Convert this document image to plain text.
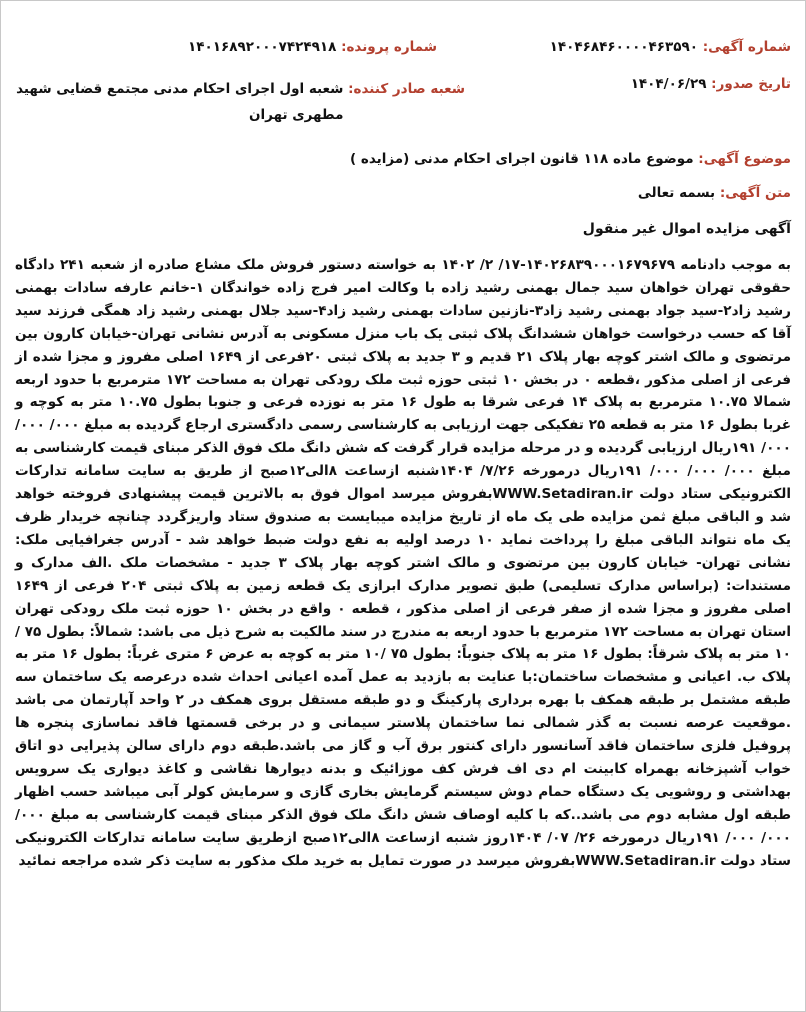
شماره آگهی: ۱۴۰۴۶۸۴۶۰۰۰۰۴۶۳۵۹۰
شماره پرونده: ۱۴۰۱۶۸۹۲۰۰۰۷۴۲۴۹۱۸
تاریخ صدور: ۱۴۰۴/۰۶/۲۹
شعبه صادر کننده: شعبه اول اجرای احکام مدنی مجتمع قضایی شهید مطهری تهران
موضوع آگهی: موضوع ماده ۱۱۸ قانون اجرای احکام مدنی (مزایده )
متن آگهی: بسمه تعالی
آگهی مزایده اموال غیر منقول

به موجب دادنامه ۱۴۰۲۶۸۳۹۰۰۰۱۶۷۹۶۷۹-۱۷/ ۲/ ۱۴۰۲ به خواسته دستور فروش ملک مشاع صادره از شعبه ۲۴۱ دادگاه حقوقی تهران خواهان سید جمال بهمنی رشید زاده با وکالت امیر فرج زاده خواندگان ۱-خانم عارفه سادات بهمنی رشید زاد۲-سید جواد بهمنی رشید زاد۳-نازنین سادات بهمنی رشید زاد۴-سید جلال بهمنی رشید زاد همگی فرزند سید آقا که حسب درخواست خواهان ششدانگ پلاک ثبتی یک باب منزل مسکونی به آدرس نشانی تهران-خیابان کارون بین مرتضوی و مالک اشتر کوچه بهار پلاک ۲۱ قدیم و ۳ جدید به پلاک ثبتی ۲۰فرعی از ۱۶۴۹ اصلی مفروز و مجزا شده از فرعی از اصلی مذکور ،قطعه ۰ در بخش ۱۰ ثبتی حوزه ثبت ملک رودکی تهران به مساحت ۱۷۲ مترمربع با حدود اربعه شمالا ۱۰.۷۵ مترمربع به پلاک ۱۴ فرعی شرقا به طول ۱۶ متر به نوزده فرعی و جنوبا بطول ۱۰.۷۵ متر به کوچه و غربا بطول ۱۶ متر به قطعه ۲۵ تفکیکی جهت ارزیابی به کارشناسی رسمی دادگستری ارجاع گردیده به مبلغ ۰۰۰/ ۰۰۰/ ۰۰۰/ ۱۹۱ریال ارزیابی گردیده و در مرحله مزایده قرار گرفت که شش دانگ ملک فوق الذکر مبنای قیمت کارشناسی به مبلغ ۰۰۰/ ۰۰۰/ ۰۰۰/ ۱۹۱ریال درمورخه ۷/۲۶/ ۱۴۰۴شنبه ازساعت ۸الی۱۲صبح از طریق به سایت سامانه تدارکات الکترونیکی ستاد دولت WWW.Setadiran.irبفروش میرسد اموال فوق به بالاترین قیمت پیشنهادی فروخته خواهد شد و الباقی مبلغ ثمن مزایده طی یک ماه از تاریخ مزایده میبایست به صندوق ستاد واریزگردد چنانچه خریدار ظرف یک ماه نتواند الباقی مبلغ را پرداخت نماید ۱۰ درصد اولیه به نفع دولت ضبط خواهد شد - آدرس جغرافیایی ملک: نشانی تهران- خیابان کارون بین مرتضوی و مالک اشتر کوچه بهار پلاک ۳ جدید - مشخصات ملک .الف مدارک و مستندات: (براساس مدارک تسلیمی) طبق تصویر مدارک ابرازی یک قطعه زمین به پلاک ثبتی ۲۰۴ فرعی از ۱۶۴۹ اصلی مفروز و مجزا شده از صفر فرعی از اصلی مذکور ، قطعه ۰ واقع در بخش ۱۰ حوزه ثبت ملک رودکی تهران استان تهران به مساحت ۱۷۲ مترمربع با حدود اربعه به مندرج در سند مالکیت به شرح ذیل می باشد: شمالاً: بطول ۷۵ /۱۰ متر به پلاک شرقاً: بطول ۱۶ متر به پلاک جنوباً: بطول ۷۵ /۱۰ متر به کوچه به عرض ۶ متری غرباً: بطول ۱۶ متر به پلاک ب. اعیانی و مشخصات ساختمان:با عنایت به بازدید به عمل آمده اعیانی احداث شده درعرصه یک ساختمان سه طبقه مشتمل بر طبقه همکف با بهره برداری پارکینگ و دو طبقه مستقل بروی همکف در ۲ واحد آپارتمان می باشد .موقعیت عرصه نسبت به گذر شمالی نما ساختمان پلاستر سیمانی و در برخی قسمتها فاقد نماسازی پنجره ها پروفیل فلزی ساختمان فاقد آسانسور دارای کنتور برق آب و گاز می باشد.طبقه دوم دارای سالن پذیرایی دو اتاق خواب آشپزخانه بهمراه کابینت ام دی اف فرش کف موزائیک و بدنه دیوارها نقاشی و کاغذ دیواری یک سرویس بهداشتی و روشویی یک دستگاه حمام دوش سیستم گرمایش بخاری گازی و سرمایش کولر آبی میباشد حسب اظهار طبقه اول مشابه دوم می باشد..که با کلیه اوصاف شش دانگ ملک فوق الذکر مبنای قیمت کارشناسی به مبلغ ۰۰۰/ ۰۰۰/ ۰۰۰/ ۱۹۱ریال درمورخه ۲۶/ ۰۷/ ۱۴۰۴روز شنبه ازساعت ۸الی۱۲صبح ازطریق سایت سامانه تدارکات الکترونیکی ستاد دولت WWW.Setadiran.irبفروش میرسد در صورت تمایل به خرید ملک مذکور به سایت ذکر شده مراجعه نمائید
